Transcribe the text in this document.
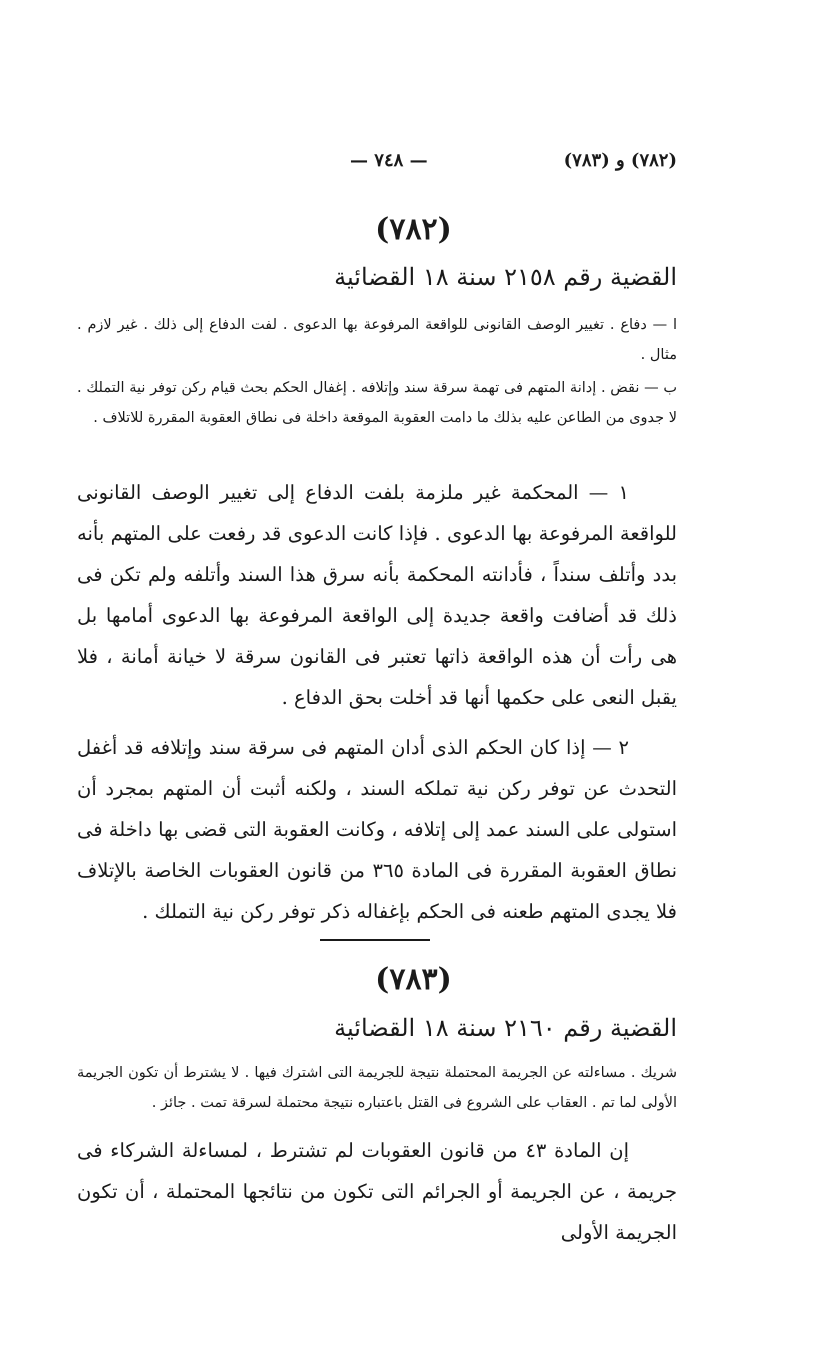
(٧٨٢) و (٧٨٣)
— ٧٤٨ —
(٧٨٢)
القضية رقم ٢١٥٨ سنة ١٨ القضائية
ا — دفاع . تغيير الوصف القانونى للواقعة المرفوعة بها الدعوى . لفت الدفاع إلى ذلك . غير لازم . مثال .
ب — نقض . إدانة المتهم فى تهمة سرقة سند وإتلافه . إغفال الحكم بحث قيام ركن توفر نية التملك . لا جدوى من الطاعن عليه بذلك ما دامت العقوبة الموقعة داخلة فى نطاق العقوبة المقررة للاتلاف .
١ — المحكمة غير ملزمة بلفت الدفاع إلى تغيير الوصف القانونى للواقعة المرفوعة بها الدعوى . فإذا كانت الدعوى قد رفعت على المتهم بأنه بدد وأتلف سنداً ، فأدانته المحكمة بأنه سرق هذا السند وأتلفه ولم تكن فى ذلك قد أضافت واقعة جديدة إلى الواقعة المرفوعة بها الدعوى أمامها بل هى رأت أن هذه الواقعة ذاتها تعتبر فى القانون سرقة لا خيانة أمانة ، فلا يقبل النعى على حكمها أنها قد أخلت بحق الدفاع .
٢ — إذا كان الحكم الذى أدان المتهم فى سرقة سند وإتلافه قد أغفل التحدث عن توفر ركن نية تملكه السند ، ولكنه أثبت أن المتهم بمجرد أن استولى على السند عمد إلى إتلافه ، وكانت العقوبة التى قضى بها داخلة فى نطاق العقوبة المقررة فى المادة ٣٦٥ من قانون العقوبات الخاصة بالإتلاف فلا يجدى المتهم طعنه فى الحكم بإغفاله ذكر توفر ركن نية التملك .
(٧٨٣)
القضية رقم ٢١٦٠ سنة ١٨ القضائية
شريك . مساءلته عن الجريمة المحتملة نتيجة للجريمة التى اشترك فيها . لا يشترط أن تكون الجريمة الأولى لما تم . العقاب على الشروع فى القتل باعتباره نتيجة محتملة لسرقة تمت . جائز .
إن المادة ٤٣ من قانون العقوبات لم تشترط ، لمساءلة الشركاء فى جريمة ، عن الجريمة أو الجرائم التى تكون من نتائجها المحتملة ، أن تكون الجريمة الأولى
